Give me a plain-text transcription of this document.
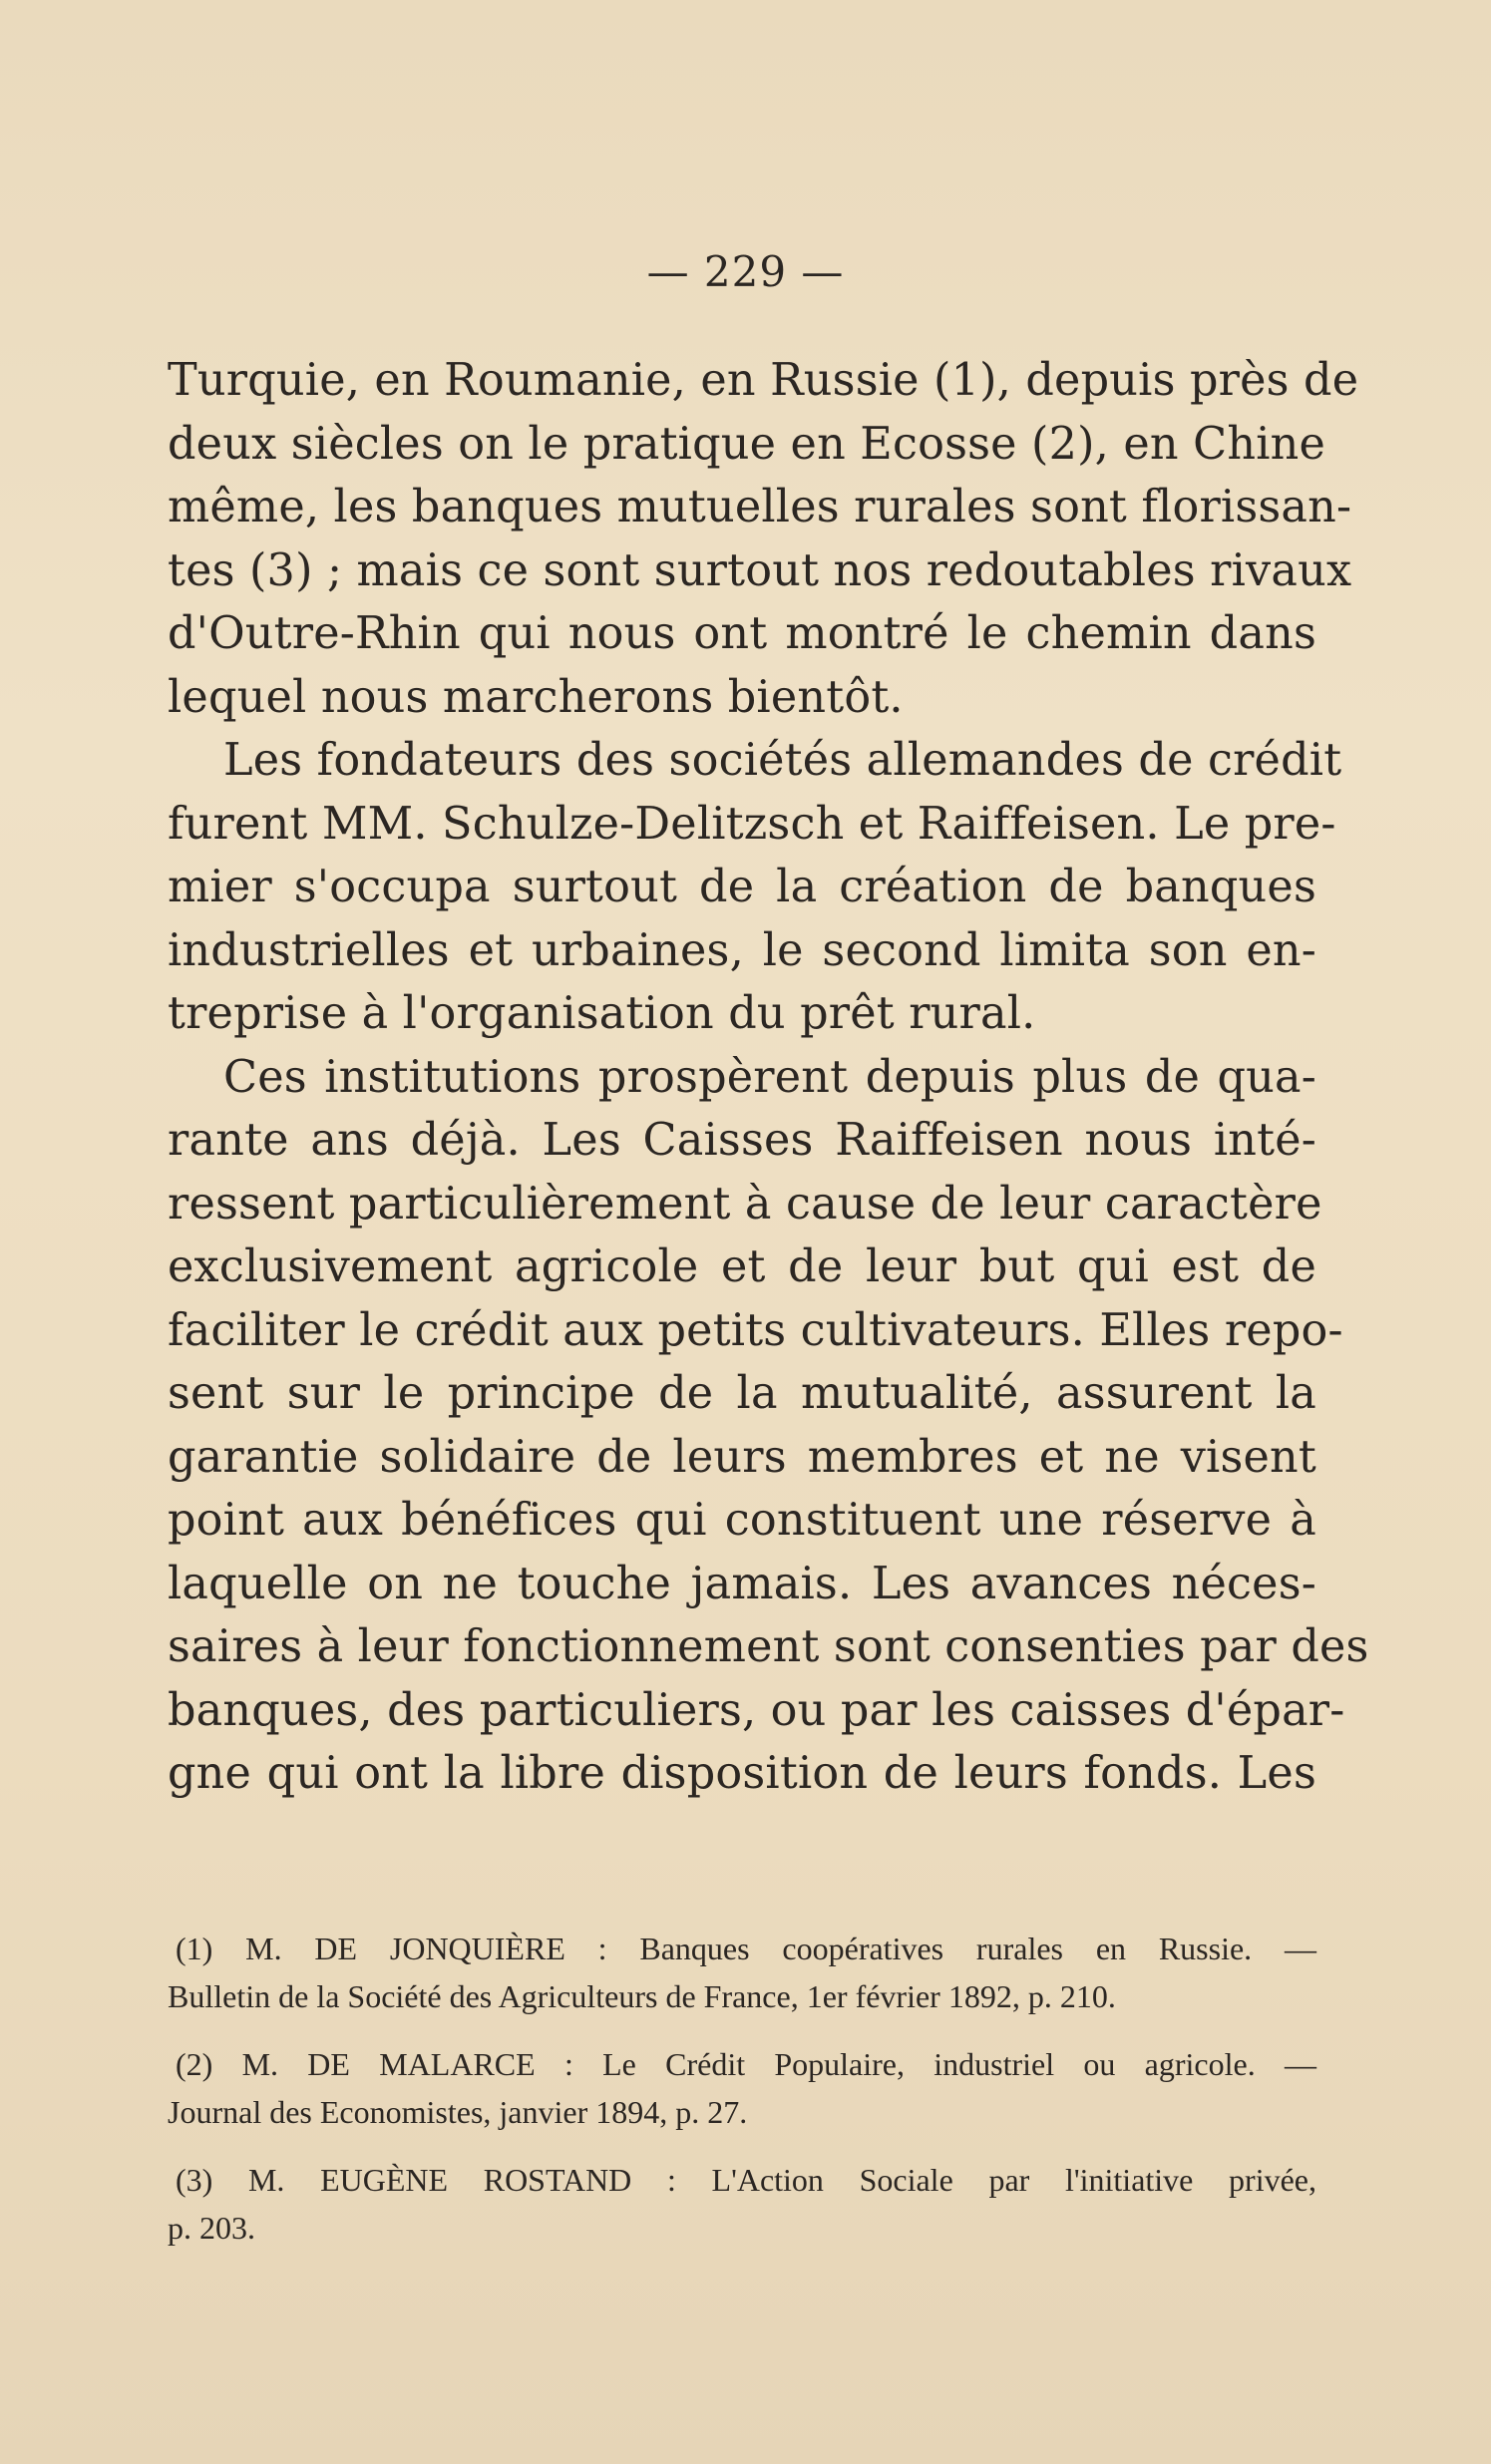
— 229 —
Turquie, en Roumanie, en Russie (1), depuis près de
deux siècles on le pratique en Ecosse (2), en Chine
même, les banques mutuelles rurales sont florissan-
tes (3) ; mais ce sont surtout nos redoutables rivaux
d'Outre-Rhin qui nous ont montré le chemin dans
lequel nous marcherons bientôt.
Les fondateurs des sociétés allemandes de crédit
furent MM. Schulze-Delitzsch et Raiffeisen. Le pre-
mier s'occupa surtout de la création de banques
industrielles et urbaines, le second limita son en-
treprise à l'organisation du prêt rural.
Ces institutions prospèrent depuis plus de qua-
rante ans déjà. Les Caisses Raiffeisen nous inté-
ressent particulièrement à cause de leur caractère
exclusivement agricole et de leur but qui est de
faciliter le crédit aux petits cultivateurs. Elles repo-
sent sur le principe de la mutualité, assurent la
garantie solidaire de leurs membres et ne visent
point aux bénéfices qui constituent une réserve à
laquelle on ne touche jamais. Les avances néces-
saires à leur fonctionnement sont consenties par des
banques, des particuliers, ou par les caisses d'épar-
gne qui ont la libre disposition de leurs fonds. Les
(1) M. DE JONQUIÈRE : Banques coopératives rurales en Russie. —
Bulletin de la Société des Agriculteurs de France, 1er février 1892, p. 210.
(2) M. DE MALARCE : Le Crédit Populaire, industriel ou agricole. —
Journal des Economistes, janvier 1894, p. 27.
(3) M. EUGÈNE ROSTAND : L'Action Sociale par l'initiative privée,
p. 203.
